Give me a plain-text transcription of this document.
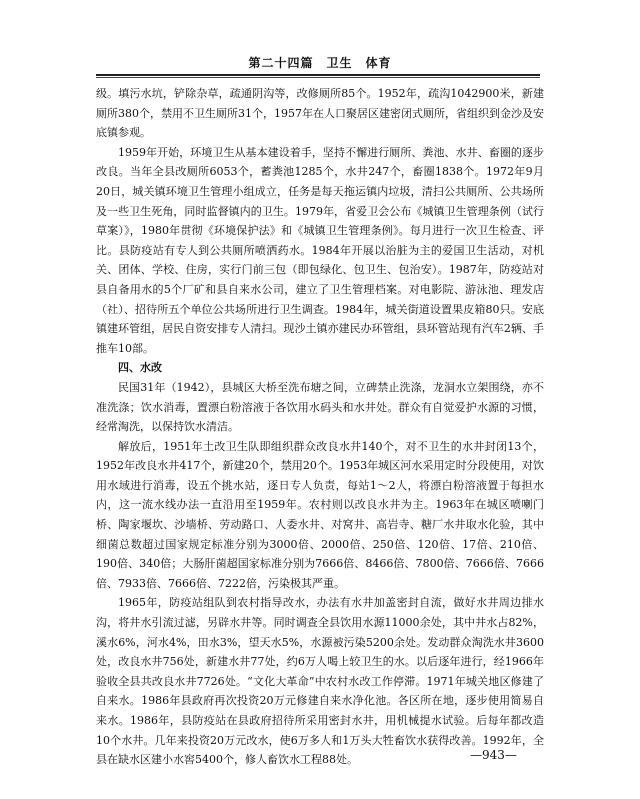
第二十四篇　卫生　体育

级。填污水坑，铲除杂草，疏通阴沟等，改修厕所85个。1952年，疏沟1042900米，新建厕所380个，禁用不卫生厕所31个，1957年在人口聚居区建密闭式厕所，省组织到金沙及安底镇参观。

1959年开始，环境卫生从基本建设着手，坚持不懈进行厕所、粪池、水井、畜圈的逐步改良。当年全县改厕所6053个，蓄粪池1285个，水井247个，畜圈1838个。1972年9月20日，城关镇环境卫生管理小组成立，任务是每天拖运镇内垃圾，清扫公共厕所、公共场所及一些卫生死角，同时监督镇内的卫生。1979年，省爱卫会公布《城镇卫生管理条例（试行草案）》，1980年贯彻《环境保护法》和《城镇卫生管理条例》。每月进行一次卫生检查、评比。县防疫站有专人到公共厕所喷洒药水。1984年开展以治脏为主的爱国卫生活动，对机关、团体、学校、住房，实行门前三包（即包绿化、包卫生、包治安）。1987年，防疫站对县自备用水的5个厂矿和县自来水公司，建立了卫生管理档案。对电影院、游泳池、理发店（社）、招待所五个单位公共场所进行卫生调查。1984年，城关街道设置果皮箱80只。安底镇建环管组，居民自资安排专人清扫。现沙土镇亦建民办环管组，县环管站现有汽车2辆、手推车10部。

四、水改

民国31年（1942），县城区大桥至洗布塘之间，立碑禁止洗涤，龙洞水立架围绕，亦不准洗涤；饮水消毒，置漂白粉溶液于各饮用水码头和水井处。群众有自觉爱护水源的习惯，经常淘洗，以保持饮水清洁。

解放后，1951年土改卫生队即组织群众改良水井140个，对不卫生的水井封闭13个，1952年改良水井417个，新建20个，禁用20个。1953年城区河水采用定时分段使用，对饮用水域进行消毒，设五个挑水站，逐日专人负责，每站1～2人，将漂白粉溶液置于每担水内，这一流水线办法一直沿用至1959年。农村则以改良水井为主。1963年在城区喷喇门桥、陶家堰坎、沙墙桥、劳动路口、人委水井、对窝井、高岩寺、糖厂水井取水化验，其中细菌总数超过国家规定标准分别为3000倍、2000倍、250倍、120倍、17倍、210倍、190倍、340倍；大肠肝菌超国家标准分别为7666倍、8466倍、7800倍、7666倍、7666倍、7933倍、7666倍、7222倍，污染极其严重。

1965年，防疫站组队到农村指导改水，办法有水井加盖密封自流，做好水井周边排水沟，将井水引流过滤，另辟水井等。同时调查全县饮用水源11000余处，其中井水占82%，溪水6%，河水4%，田水3%，望天水5%，水源被污染5200余处。发动群众淘洗水井3600处，改良水井756处，新建水井77处，约6万人喝上较卫生的水。以后逐年进行，经1966年验收全县共改良水井7726处。“文化大革命”中农村水改工作停滞。1971年城关地区修建了自来水。1986年县政府再次投资20万元修建自来水净化池。各区所在地，逐步使用简易自来水。1986年，县防疫站在县政府招待所采用密封水井，用机械提水试验。后每年都改造10个水井。几年来投资20万元改水，使6万多人和1万头大牲畜饮水获得改善。1992年，全县在缺水区建小水窖5400个，修人畜饮水工程88处。	—943—
